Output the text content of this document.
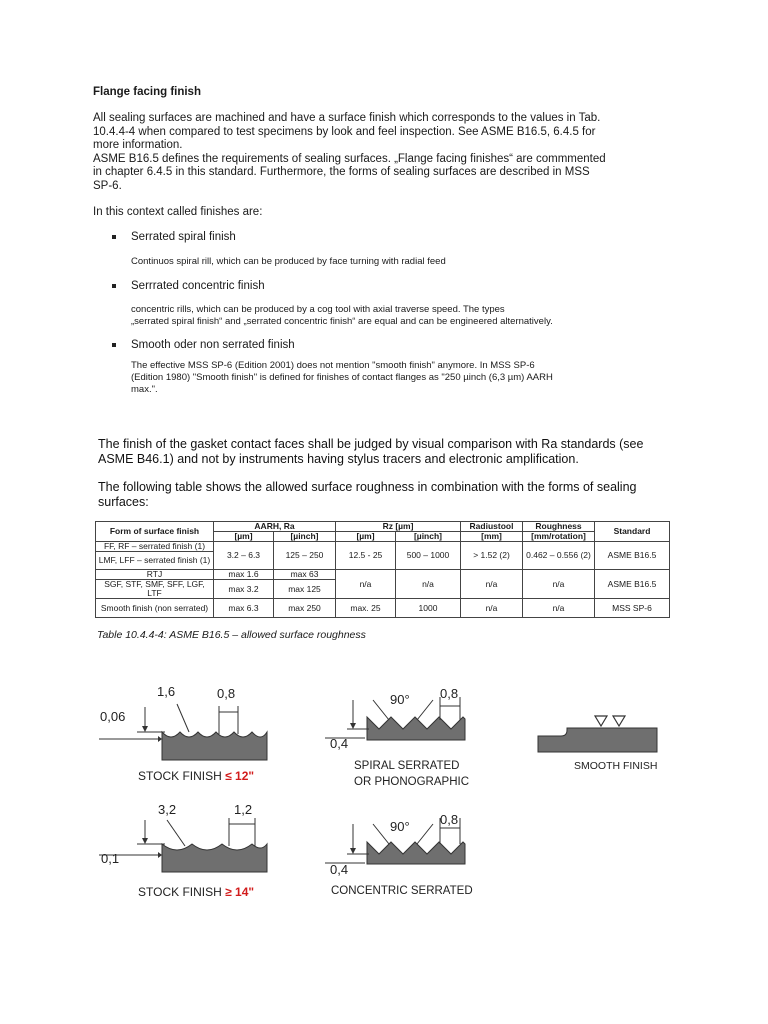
Flange facing finish
All sealing surfaces are machined and have a surface finish which corresponds to the values in Tab.
10.4.4-4 when compared to test specimens by look and feel inspection. See ASME B16.5, 6.4.5 for
more information.
ASME B16.5 defines the requirements of sealing surfaces. „Flange facing finishes“ are commmented
in chapter 6.4.5 in this standard. Furthermore, the forms of sealing surfaces are described in MSS
SP-6.
In this context called finishes are:
Serrated spiral finish
Continuos spiral rill, which can be produced by face turning with radial feed
Serrrated concentric finish
concentric rills, which can be produced by a cog tool with axial traverse speed. The types
„serrated spiral finish“ and „serrated concentric finish“ are equal and can be engineered alternatively.
Smooth oder non serrated finish
The effective MSS SP-6 (Edition 2001) does not mention "smooth finish" anymore. In MSS SP-6
(Edition 1980) "Smooth finish" is defined for finishes of contact flanges as "250 µinch (6,3 µm) AARH
max.".
The finish of the gasket contact faces shall be judged by visual comparison with Ra standards (see
ASME B46.1) and not by instruments having stylus tracers and electronic amplification.
The following table shows the allowed surface roughness in combination with the forms of sealing
surfaces:
Form of surface finish	AARH, Ra		Rz [µm]		Radiustool	Roughness	Standard
	[µm]	[µinch]	[µm]	[µinch]	[mm]	[mm/rotation]	
FF, RF – serrated finish (1)	3.2 – 6.3	125 – 250	12.5 - 25	500 – 1000	> 1.52 (2)	0.462 – 0.556 (2)	ASME B16.5
LMF, LFF – serrated finish (1)							
RTJ	max 1.6	max 63	n/a	n/a	n/a	n/a	ASME B16.5
SGF, STF, SMF, SFF, LGF, LTF	max 3.2	max 125					
Smooth finish (non serrated)	max 6.3	max 250	max. 25	1000	n/a	n/a	MSS SP-6
Table 10.4.4-4: ASME B16.5 – allowed surface roughness
1,6	0,8
0,06
STOCK FINISH ≤ 12"
3,2	1,2
0,1
STOCK FINISH ≥ 14"
90° 0,8
0,4
SPIRAL SERRATED
OR PHONOGRAPHIC
90° 0,8
0,4
CONCENTRIC SERRATED
SMOOTH FINISH
